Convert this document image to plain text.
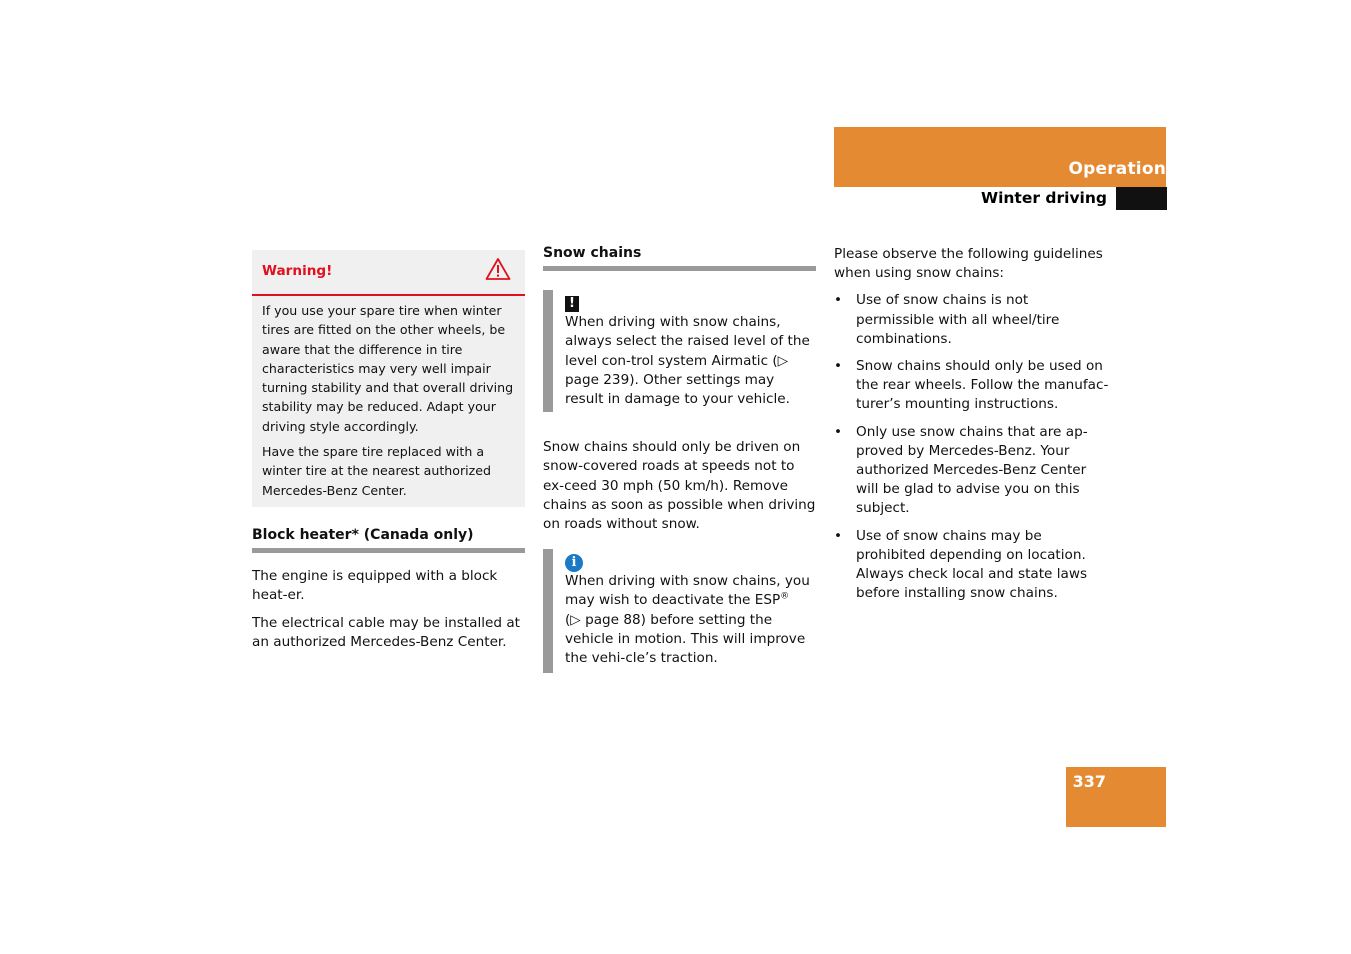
Operation
Winter driving
Warning!

If you use your spare tire when winter tires are fitted on the other wheels, be aware that the difference in tire characteristics may very well impair turning stability and that overall driving stability may be reduced. Adapt your driving style accordingly.

Have the spare tire replaced with a winter tire at the nearest authorized Mercedes-Benz Center.

Block heater* (Canada only)

The engine is equipped with a block heat-er.

The electrical cable may be installed at an authorized Mercedes-Benz Center.

Snow chains
!

When driving with snow chains, always select the raised level of the level con-trol system Airmatic (▷ page 239). Other settings may result in damage to your vehicle.

Snow chains should only be driven on snow-covered roads at speeds not to ex-ceed 30 mph (50 km/h). Remove chains as soon as possible when driving on roads without snow.

i

When driving with snow chains, you may wish to deactivate the ESP®
(▷ page 88) before setting the vehicle in motion. This will improve the vehi-cle’s traction.

Please observe the following guidelines when using snow chains:

• Use of snow chains is not permissible with all wheel/tire combinations.
• Snow chains should only be used on the rear wheels. Follow the manufac-turer’s mounting instructions.
• Only use snow chains that are ap-proved by Mercedes-Benz. Your authorized Mercedes-Benz Center will be glad to advise you on this subject.
• Use of snow chains may be prohibited depending on location. Always check local and state laws before installing snow chains.
337
